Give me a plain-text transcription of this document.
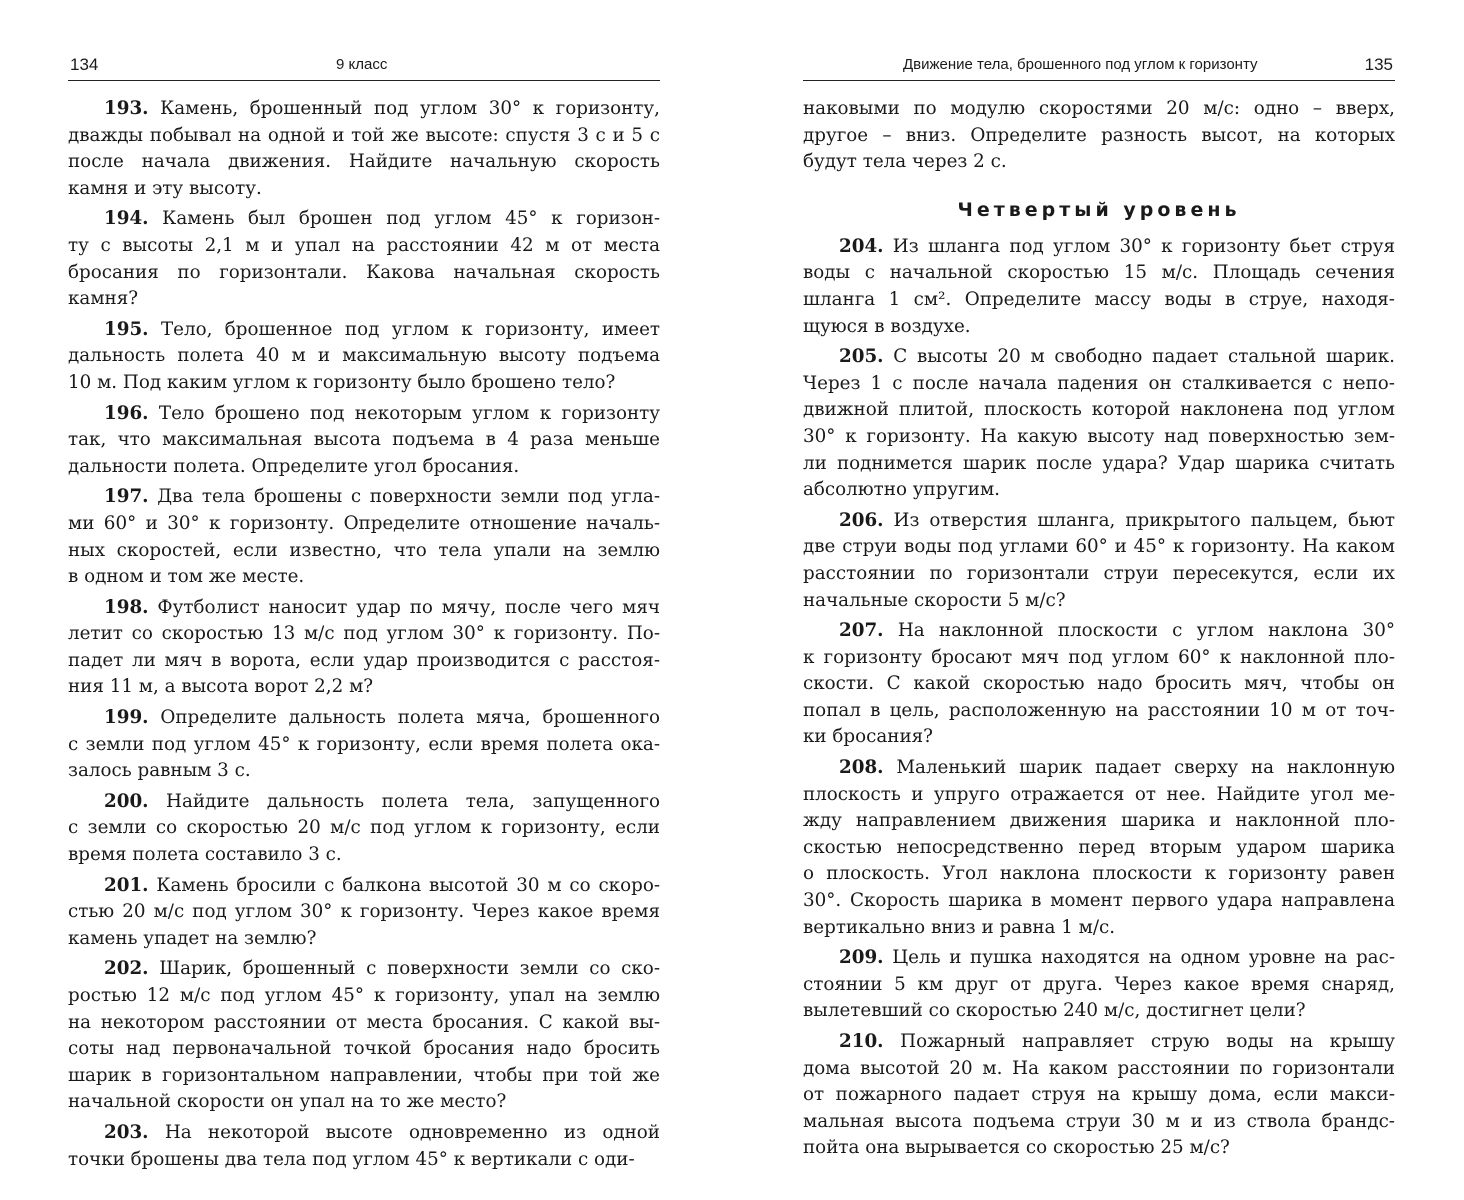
134	9 класс
193. Камень, брошенный под углом 30° к горизонту,
дважды побывал на одной и той же высоте: спустя 3 с и 5 с
после начала движения. Найдите начальную скорость
камня и эту высоту.
194. Камень был брошен под углом 45° к горизон-
ту с высоты 2,1 м и упал на расстоянии 42 м от места
бросания по горизонтали. Какова начальная скорость
камня?
195. Тело, брошенное под углом к горизонту, имеет
дальность полета 40 м и максимальную высоту подъема
10 м. Под каким углом к горизонту было брошено тело?
196. Тело брошено под некоторым углом к горизонту
так, что максимальная высота подъема в 4 раза меньше
дальности полета. Определите угол бросания.
197. Два тела брошены с поверхности земли под угла-
ми 60° и 30° к горизонту. Определите отношение началь-
ных скоростей, если известно, что тела упали на землю
в одном и том же месте.
198. Футболист наносит удар по мячу, после чего мяч
летит со скоростью 13 м/с под углом 30° к горизонту. По-
падет ли мяч в ворота, если удар производится с расстоя-
ния 11 м, а высота ворот 2,2 м?
199. Определите дальность полета мяча, брошенного
с земли под углом 45° к горизонту, если время полета ока-
залось равным 3 с.
200. Найдите дальность полета тела, запущенного
с земли со скоростью 20 м/с под углом к горизонту, если
время полета составило 3 с.
201. Камень бросили с балкона высотой 30 м со скоро-
стью 20 м/с под углом 30° к горизонту. Через какое время
камень упадет на землю?
202. Шарик, брошенный с поверхности земли со ско-
ростью 12 м/с под углом 45° к горизонту, упал на землю
на некотором расстоянии от места бросания. С какой вы-
соты над первоначальной точкой бросания надо бросить
шарик в горизонтальном направлении, чтобы при той же
начальной скорости он упал на то же место?
203. На некоторой высоте одновременно из одной
точки брошены два тела под углом 45° к вертикали с оди-
Движение тела, брошенного под углом к горизонту	135
наковыми по модулю скоростями 20 м/с: одно – вверх,
другое – вниз. Определите разность высот, на которых
будут тела через 2 с.
Четвертый уровень
204. Из шланга под углом 30° к горизонту бьет струя
воды с начальной скоростью 15 м/с. Площадь сечения
шланга 1 см². Определите массу воды в струе, находя-
щуюся в воздухе.
205. С высоты 20 м свободно падает стальной шарик.
Через 1 с после начала падения он сталкивается с непо-
движной плитой, плоскость которой наклонена под углом
30° к горизонту. На какую высоту над поверхностью зем-
ли поднимется шарик после удара? Удар шарика считать
абсолютно упругим.
206. Из отверстия шланга, прикрытого пальцем, бьют
две струи воды под углами 60° и 45° к горизонту. На каком
расстоянии по горизонтали струи пересекутся, если их
начальные скорости 5 м/с?
207. На наклонной плоскости с углом наклона 30°
к горизонту бросают мяч под углом 60° к наклонной пло-
скости. С какой скоростью надо бросить мяч, чтобы он
попал в цель, расположенную на расстоянии 10 м от точ-
ки бросания?
208. Маленький шарик падает сверху на наклонную
плоскость и упруго отражается от нее. Найдите угол ме-
жду направлением движения шарика и наклонной пло-
скостью непосредственно перед вторым ударом шарика
о плоскость. Угол наклона плоскости к горизонту равен
30°. Скорость шарика в момент первого удара направлена
вертикально вниз и равна 1 м/с.
209. Цель и пушка находятся на одном уровне на рас-
стоянии 5 км друг от друга. Через какое время снаряд,
вылетевший со скоростью 240 м/с, достигнет цели?
210. Пожарный направляет струю воды на крышу
дома высотой 20 м. На каком расстоянии по горизонтали
от пожарного падает струя на крышу дома, если макси-
мальная высота подъема струи 30 м и из ствола брандс-
пойта она вырывается со скоростью 25 м/с?
